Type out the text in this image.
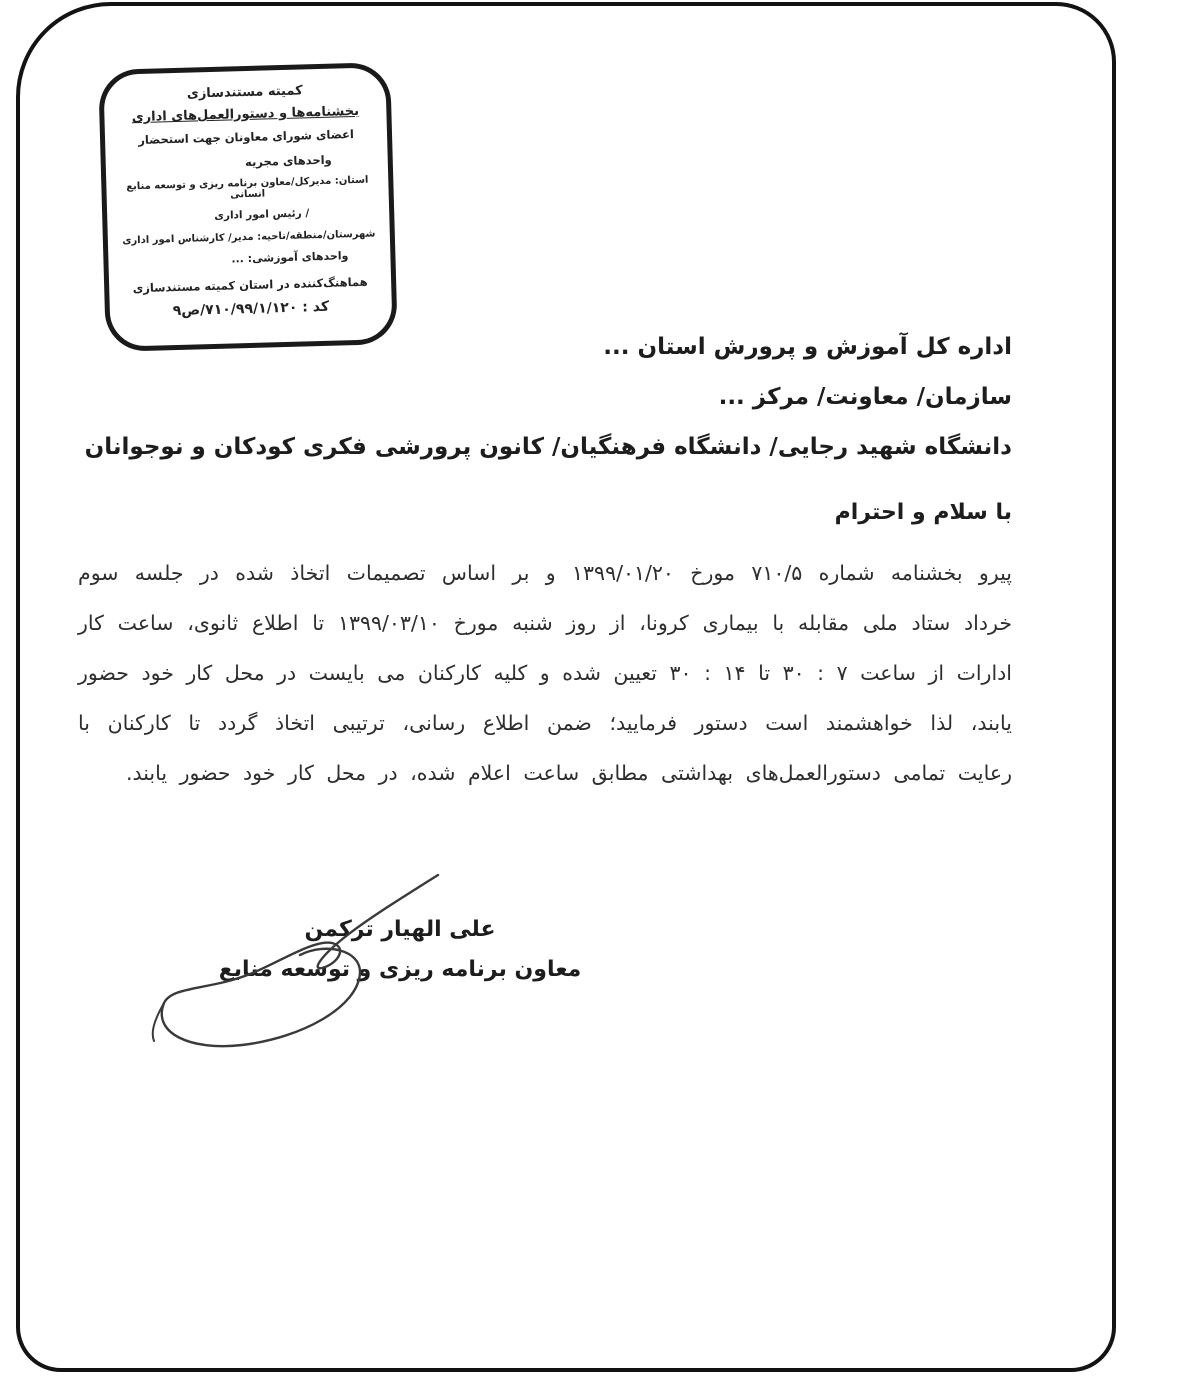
کمیته مستندسازی
بخشنامه‌ها و دستورالعمل‌های اداری
اعضای شورای معاونان جهت استحضار
واحدهای مجریه
استان: مدیرکل/معاون برنامه ریزی و توسعه منابع انسانی
/ رئیس امور اداری
شهرستان/منطقه/ناحیه: مدیر/ کارشناس امور اداری
واحدهای آموزشی: ...
هماهنگ‌کننده در استان کمیته مستندسازی
کد : ۷۱۰/۹۹/۱/۱۲۰/ص۹
اداره کل آموزش و پرورش استان ...
سازمان/ معاونت/ مرکز ...
دانشگاه شهید رجایی/ دانشگاه فرهنگیان/ کانون پرورشی فکری کودکان و نوجوانان
با سلام و احترام
پیرو بخشنامه شماره ۷۱۰/۵ مورخ ۱۳۹۹/۰۱/۲۰ و بر اساس تصمیمات اتخاذ شده در جلسه سوم
خرداد ستاد ملی مقابله با بیماری کرونا، از روز شنبه مورخ ۱۳۹۹/۰۳/۱۰ تا اطلاع ثانوی، ساعت کار
ادارات از ساعت ۷ : ۳۰ تا ۱۴ : ۳۰ تعیین شده و کلیه کارکنان می بایست در محل کار خود حضور
یابند، لذا خواهشمند است دستور فرمایید؛ ضمن اطلاع رسانی، ترتیبی اتخاذ گردد تا کارکنان با
رعایت تمامی دستورالعمل‌های بهداشتی مطابق ساعت اعلام شده، در محل کار خود حضور یابند.
علی الهیار ترکمن
معاون برنامه ریزی و توسعه منابع
